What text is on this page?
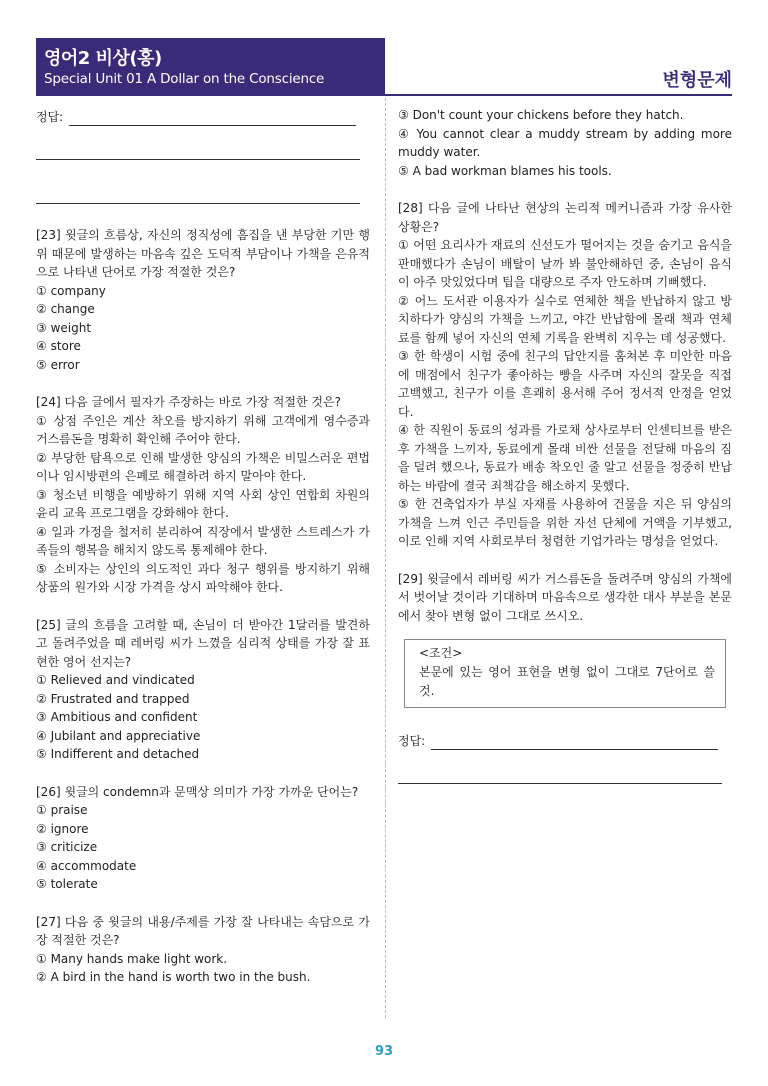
영어2 비상(홍)
Special Unit 01 A Dollar on the Conscience	변형문제
정답:

[23] 윗글의 흐름상, 자신의 정직성에 흠집을 낸 부당한 기만 행위 때문에 발생하는 마음속 깊은 도덕적 부담이나 가책을 은유적으로 나타낸 단어로 가장 적절한 것은?

① company

② change

③ weight

④ store

⑤ error

[24] 다음 글에서 필자가 주장하는 바로 가장 적절한 것은?

① 상점 주인은 계산 착오를 방지하기 위해 고객에게 영수증과 거스름돈을 명확히 확인해 주어야 한다.

② 부당한 탐욕으로 인해 발생한 양심의 가책은 비밀스러운 편법이나 임시방편의 은폐로 해결하려 하지 말아야 한다.

③ 청소년 비행을 예방하기 위해 지역 사회 상인 연합회 차원의 윤리 교육 프로그램을 강화해야 한다.

④ 일과 가정을 철저히 분리하여 직장에서 발생한 스트레스가 가족들의 행복을 해치지 않도록 통제해야 한다.

⑤ 소비자는 상인의 의도적인 과다 청구 행위를 방지하기 위해 상품의 원가와 시장 가격을 상시 파악해야 한다.

[25] 글의 흐름을 고려할 때, 손님이 더 받아간 1달러를 발견하고 돌려주었을 때 레버링 씨가 느꼈을 심리적 상태를 가장 잘 표현한 영어 선지는?

① Relieved and vindicated

② Frustrated and trapped

③ Ambitious and confident

④ Jubilant and appreciative

⑤ Indifferent and detached

[26] 윗글의 condemn과 문맥상 의미가 가장 가까운 단어는?

① praise

② ignore

③ criticize

④ accommodate

⑤ tolerate

[27] 다음 중 윗글의 내용/주제를 가장 잘 나타내는 속담으로 가장 적절한 것은?

① Many hands make light work.

② A bird in the hand is worth two in the bush.

③ Don't count your chickens before they hatch.

④ You cannot clear a muddy stream by adding more muddy water.

⑤ A bad workman blames his tools.

[28] 다음 글에 나타난 현상의 논리적 메커니즘과 가장 유사한 상황은?

① 어떤 요리사가 재료의 신선도가 떨어지는 것을 숨기고 음식을 판매했다가 손님이 배탈이 날까 봐 불안해하던 중, 손님이 음식이 아주 맛있었다며 팁을 대량으로 주자 안도하며 기뻐했다.

② 어느 도서관 이용자가 실수로 연체한 책을 반납하지 않고 방치하다가 양심의 가책을 느끼고, 야간 반납함에 몰래 책과 연체료를 함께 넣어 자신의 연체 기록을 완벽히 지우는 데 성공했다.

③ 한 학생이 시험 중에 친구의 답안지를 훔쳐본 후 미안한 마음에 매점에서 친구가 좋아하는 빵을 사주며 자신의 잘못을 직접 고백했고, 친구가 이를 흔쾌히 용서해 주어 정서적 안정을 얻었다.

④ 한 직원이 동료의 성과를 가로채 상사로부터 인센티브를 받은 후 가책을 느끼자, 동료에게 몰래 비싼 선물을 전달해 마음의 짐을 덜려 했으나, 동료가 배송 착오인 줄 알고 선물을 정중히 반납하는 바람에 결국 죄책감을 해소하지 못했다.

⑤ 한 건축업자가 부실 자재를 사용하여 건물을 지은 뒤 양심의 가책을 느껴 인근 주민들을 위한 자선 단체에 거액을 기부했고, 이로 인해 지역 사회로부터 청렴한 기업가라는 명성을 얻었다.

[29] 윗글에서 레버링 씨가 거스름돈을 돌려주며 양심의 가책에서 벗어날 것이라 기대하며 마음속으로 생각한 대사 부분을 본문에서 찾아 변형 없이 그대로 쓰시오.

<조건>
본문에 있는 영어 표현을 변형 없이 그대로 7단어로 쓸 것.
정답:
93
